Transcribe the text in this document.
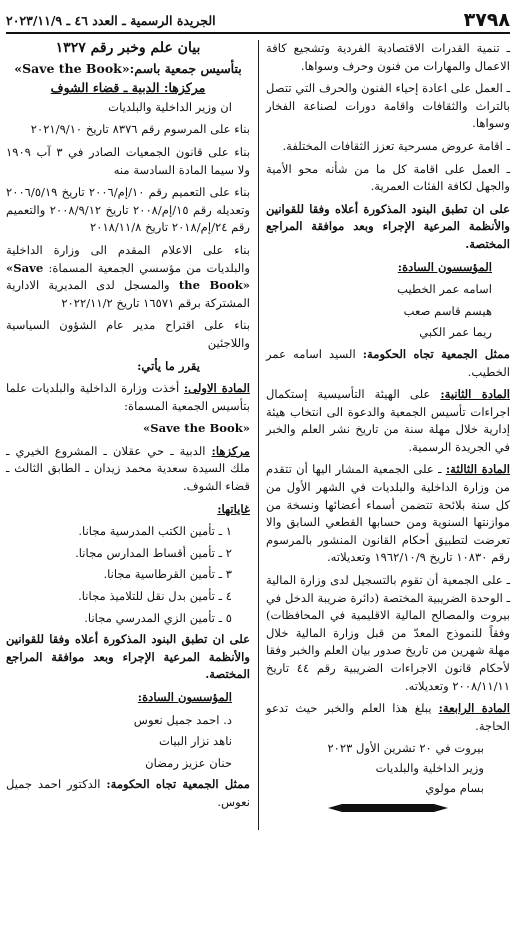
٣٧٩٨
الجريدة الرسمية ـ العدد ٤٦ ـ ٢٠٢٣/١١/٩

ـ تنمية القدرات الاقتصادية الفردية وتشجيع كافة الاعمال والمهارات من فنون وحرف وسواها.

ـ العمل على اعادة إحياء الفنون والحرف التي تتصل بالتراث والثقافات واقامة دورات لصناعة الفخار وسواها.

ـ اقامة عروض مسرحية تعزز الثقافات المختلفة.

ـ العمل على اقامة كل ما من شأنه محو الأمية والجهل لكافة الفئات العمرية.

على ان تطبق البنود المذكورة أعلاه وفقا للقوانين والأنظمة المرعية الإجراء وبعد موافقة المراجع المختصة.

المؤسسون السادة:

اسامه عمر الخطيب
هيسم قاسم صعب
ريما عمر الكبي

ممثل الجمعية تجاه الحكومة: السيد اسامه عمر الخطيب.

المادة الثانية: على الهيئة التأسيسية إستكمال اجراءات تأسيس الجمعية والدعوة الى انتخاب هيئة إدارية خلال مهلة سنة من تاريخ نشر العلم والخبر في الجريدة الرسمية.

المادة الثالثة: ـ على الجمعية المشار اليها أن تتقدم من وزارة الداخلية والبلديات في الشهر الأول من كل سنة بلائحة تتضمن أسماء أعضائها ونسخة من موازنتها السنوية ومن حسابها القطعي السابق والا تعرضت لتطبيق أحكام القانون المنشور بالمرسوم رقم ١٠٨٣٠ تاريخ ١٩٦٢/١٠/٩ وتعديلاته.

ـ على الجمعية أن تقوم بالتسجيل لدى وزارة المالية ـ الوحدة الضريبية المختصة (دائرة ضريبة الدخل في بيروت والمصالح المالية الاقليمية في المحافظات) وفقاً للنموذج المعدّ من قبل وزارة المالية خلال مهلة شهرين من تاريخ صدور بيان العلم والخبر وفقا لأحكام قانون الاجراءات الضريبية رقم ٤٤ تاريخ ٢٠٠٨/١١/١١ وتعديلاته.

المادة الرابعة: يبلغ هذا العلم والخبر حيث تدعو الحاجة.

بيروت في ٢٠ تشرين الأول ٢٠٢٣
وزير الداخلية والبلديات
بسام مولوي
بيان علم وخبر رقم ١٣٢٧
بتأسيس جمعية باسم:«Save the Book»
مركزها: الدبية ـ قضاء الشوف

ان وزير الداخلية والبلديات

بناء على المرسوم رقم ٨٣٧٦ تاريخ ٢٠٢١/٩/١٠

بناء على قانون الجمعيات الصادر في ٣ آب ١٩٠٩ ولا سيما المادة السادسة منه

بناء على التعميم رقم ١٠/إم/٢٠٠٦ تاريخ ٢٠٠٦/٥/١٩ وتعديله رقم ١٥/إم/٢٠٠٨ تاريخ ٢٠٠٨/٩/١٢ والتعميم رقم ٢٤/إم/٢٠١٨ تاريخ ٢٠١٨/١١/٨

بناء على الاعلام المقدم الى وزارة الداخلية والبلديات من مؤسسي الجمعية المسماة: «Save the Book» والمسجل لدى المديرية الادارية المشتركة برقم ١٦٥٧١ تاريخ ٢٠٢٢/١١/٢

بناء على اقتراح مدير عام الشؤون السياسية واللاجئين

يقرر ما يأتي:

المادة الاولى: أخذت وزارة الداخلية والبلديات علما بتأسيس الجمعية المسماة:

«Save the Book»

مركزها: الدبية ـ حي عقلان ـ المشروع الخيري ـ ملك السيدة سعدية محمد زيدان ـ الطابق الثالث ـ قضاء الشوف.

غاياتها:

١ ـ تأمين الكتب المدرسية مجانا.
٢ ـ تأمين أقساط المدارس مجانا.
٣ ـ تأمين القرطاسية مجانا.
٤ ـ تأمين بدل نقل للتلاميذ مجانا.
٥ ـ تأمين الزي المدرسي مجانا.

على ان تطبق البنود المذكورة أعلاه وفقا للقوانين والأنظمة المرعية الإجراء وبعد موافقة المراجع المختصة.

المؤسسون السادة:

د. احمد جميل نعوس
ناهد نزار البيات
حنان عزيز رمضان

ممثل الجمعية تجاه الحكومة: الدكتور احمد جميل نعوس.
